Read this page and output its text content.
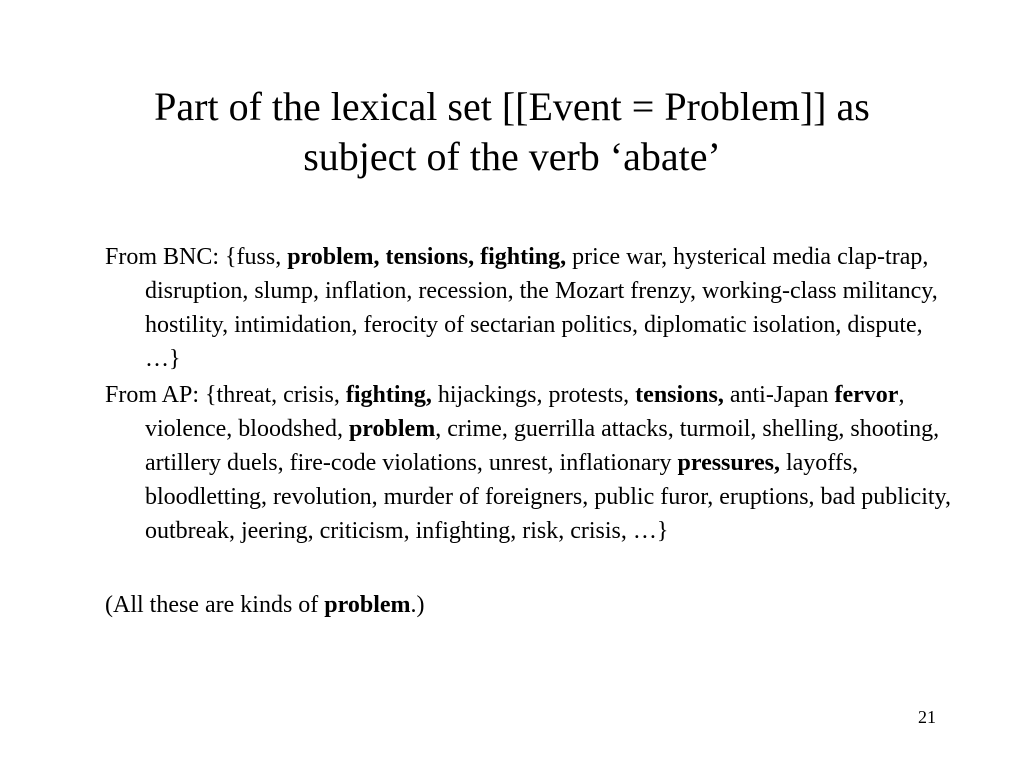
Part of the lexical set [[Event = Problem]] as
subject of the verb ‘abate’

From BNC: {fuss, problem, tensions, fighting, price war, hysterical media clap-trap, disruption, slump, inflation, recession, the Mozart frenzy, working-class militancy, hostility, intimidation, ferocity of sectarian politics, diplomatic isolation, dispute, …}

From AP: {threat, crisis, fighting, hijackings, protests, tensions, anti-Japan fervor, violence, bloodshed, problem, crime, guerrilla attacks, turmoil, shelling, shooting, artillery duels, fire-code violations, unrest, inflationary pressures, layoffs, bloodletting, revolution, murder of foreigners, public furor, eruptions, bad publicity, outbreak, jeering, criticism, infighting, risk, crisis, …}

(All these are kinds of problem.)

21
